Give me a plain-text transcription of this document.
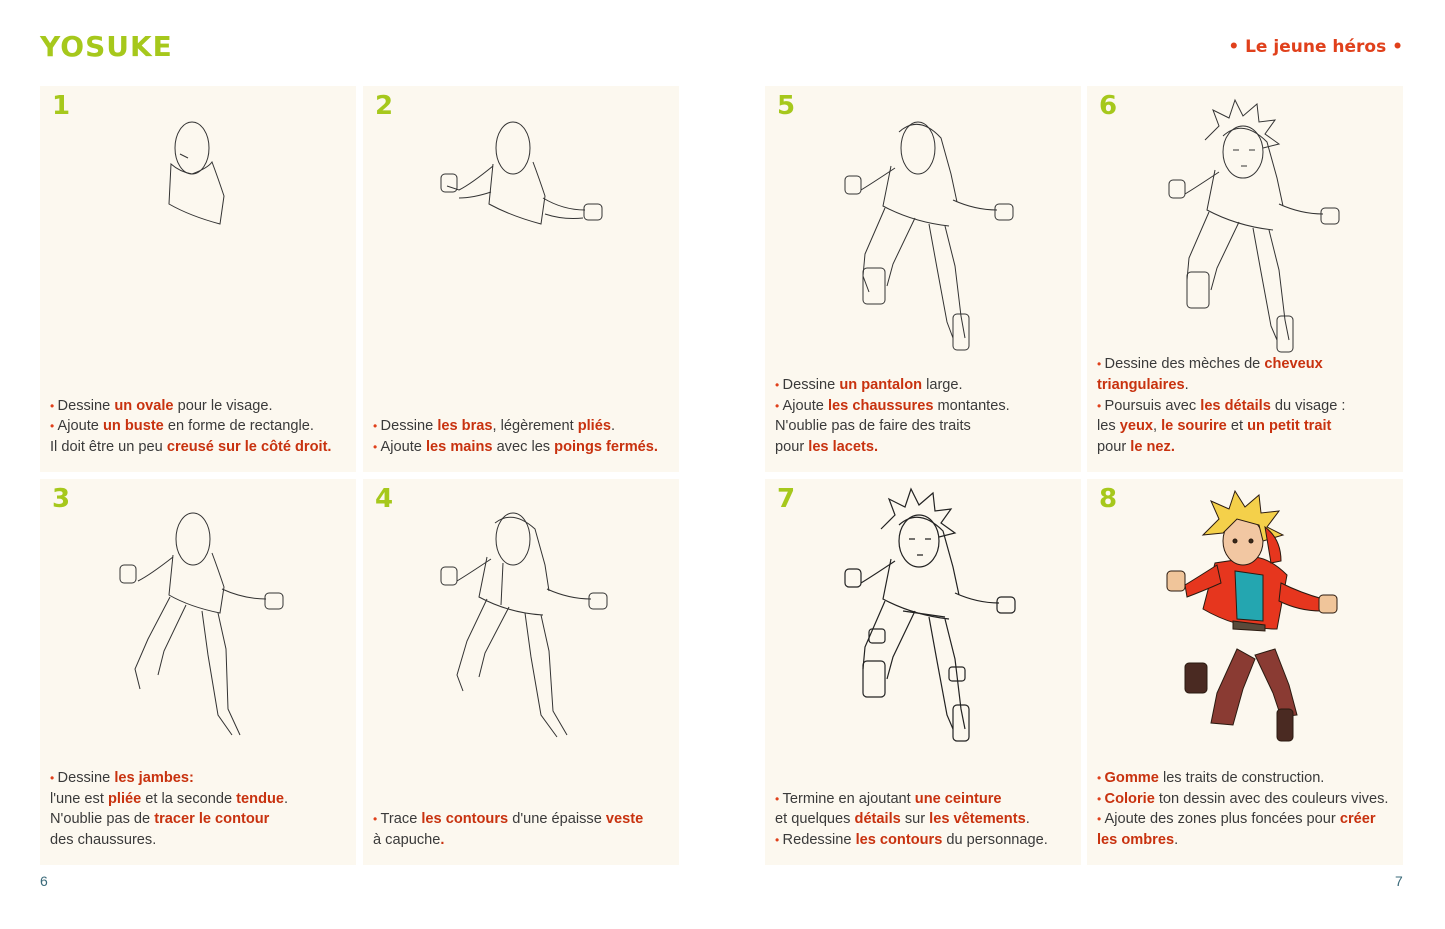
YOSUKE	• Le jeune héros •
1

• Dessine un ovale pour le visage.

• Ajoute un buste en forme de rectangle.

Il doit être un peu creusé sur le côté droit.

2

• Dessine les bras, légèrement pliés.

• Ajoute les mains avec les poings fermés.

3

• Dessine les jambes:

l'une est pliée et la seconde tendue.

N'oublie pas de tracer le contour

des chaussures.

4

• Trace les contours d'une épaisse veste

à capuche.

5

• Dessine un pantalon large.

• Ajoute les chaussures montantes.

N'oublie pas de faire des traits

pour les lacets.

6

• Dessine des mèches de cheveux

triangulaires.

• Poursuis avec les détails du visage :

les yeux, le sourire et un petit trait

pour le nez.

7

• Termine en ajoutant une ceinture

et quelques détails sur les vêtements.

• Redessine les contours du personnage.

8

• Gomme les traits de construction.

• Colorie ton dessin avec des couleurs vives.

• Ajoute des zones plus foncées pour créer

les ombres.

6	7
